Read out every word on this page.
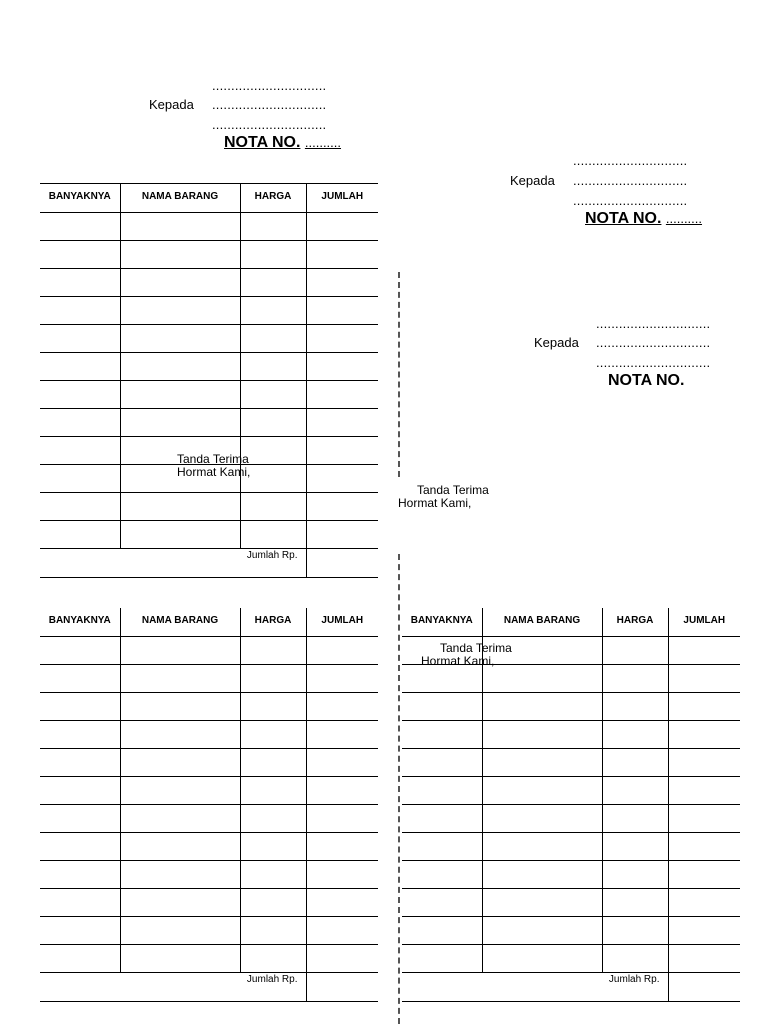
..............................
Kepada ..............................
..............................
NOTA NO. ..........
..............................
Kepada ..............................
..............................
NOTA NO. ..........
..............................
Kepada ..............................
..............................
NOTA NO.
BANYAKNYA	NAMA BARANG	HARGA	JUMLAH

Jumlah Rp.			
Tanda Terima
Hormat Kami,
Tanda Terima
Hormat Kami,
BANYAKNYA	NAMA BARANG	HARGA	JUMLAH

Jumlah Rp.			
BANYAKNYA	NAMA BARANG	HARGA	JUMLAH

Jumlah Rp.			
Tanda Terima
Hormat Kami,
